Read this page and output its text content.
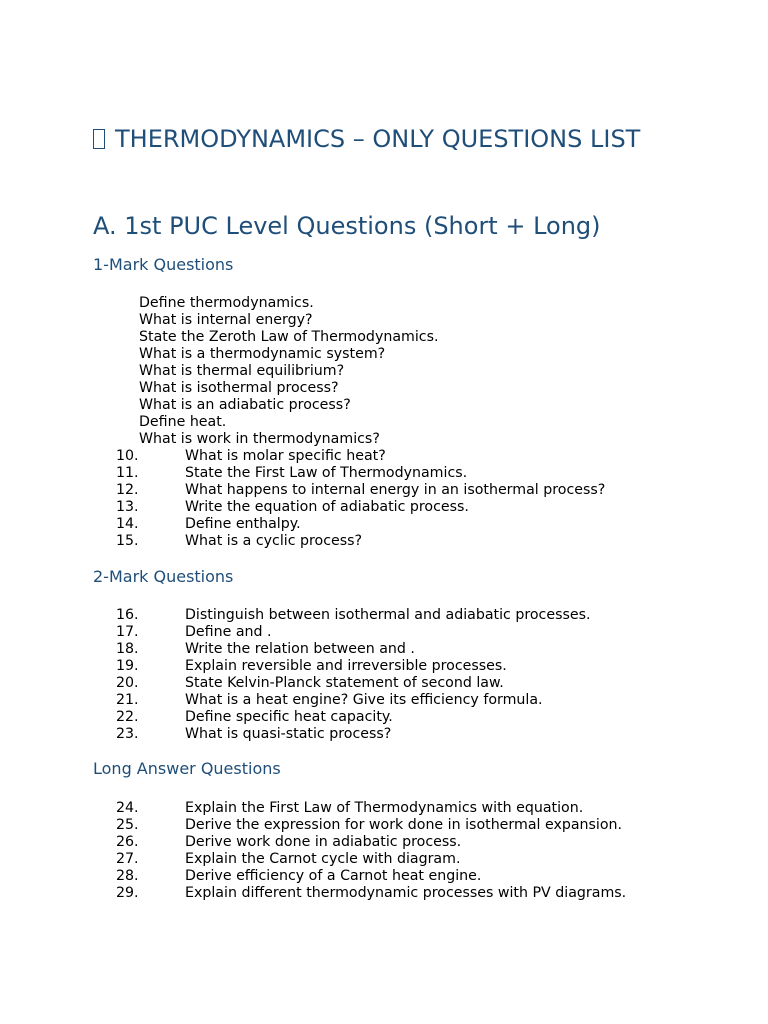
THERMODYNAMICS – ONLY QUESTIONS LIST
A. 1st PUC Level Questions (Short + Long)
1-Mark Questions
Define thermodynamics.
What is internal energy?
State the Zeroth Law of Thermodynamics.
What is a thermodynamic system?
What is thermal equilibrium?
What is isothermal process?
What is an adiabatic process?
Define heat.
What is work in thermodynamics?
10.	What is molar specific heat?
11.	State the First Law of Thermodynamics.
12.	What happens to internal energy in an isothermal process?
13.	Write the equation of adiabatic process.
14.	Define enthalpy.
15.	What is a cyclic process?
2-Mark Questions
16.	Distinguish between isothermal and adiabatic processes.
17.	Define and .
18.	Write the relation between and .
19.	Explain reversible and irreversible processes.
20.	State Kelvin-Planck statement of second law.
21.	What is a heat engine? Give its efficiency formula.
22.	Define specific heat capacity.
23.	What is quasi-static process?
Long Answer Questions
24.	Explain the First Law of Thermodynamics with equation.
25.	Derive the expression for work done in isothermal expansion.
26.	Derive work done in adiabatic process.
27.	Explain the Carnot cycle with diagram.
28.	Derive efficiency of a Carnot heat engine.
29.	Explain different thermodynamic processes with PV diagrams.
